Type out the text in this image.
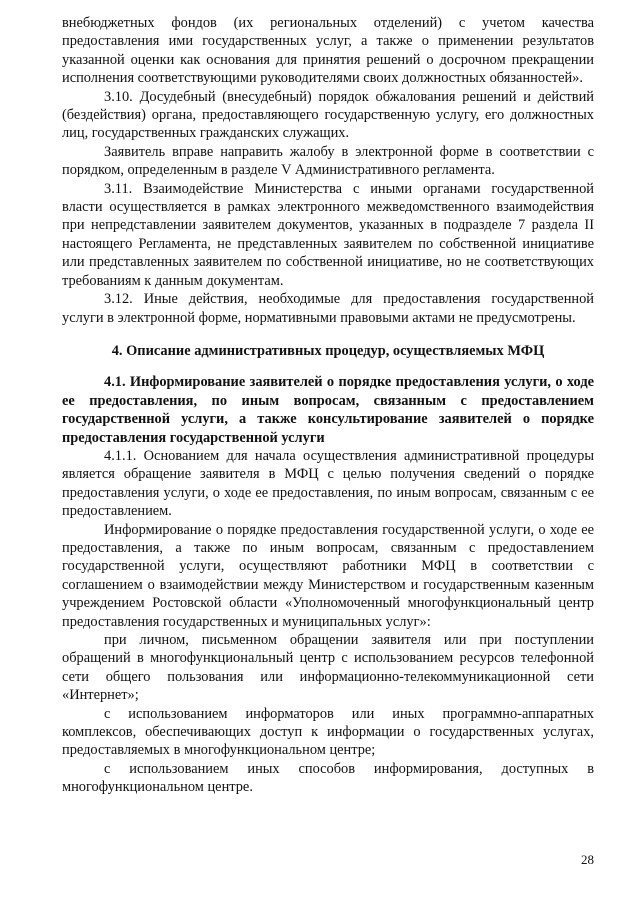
внебюджетных фондов (их региональных отделений) с учетом качества предоставления ими государственных услуг, а также о применении результатов указанной оценки как основания для принятия решений о досрочном прекращении исполнения соответствующими руководителями своих должностных обязанностей».

3.10. Досудебный (внесудебный) порядок обжалования решений и действий (бездействия) органа, предоставляющего государственную услугу, его должностных лиц, государственных гражданских служащих.

Заявитель вправе направить жалобу в электронной форме в соответствии с порядком, определенным в разделе V Административного регламента.

3.11. Взаимодействие Министерства с иными органами государственной власти осуществляется в рамках электронного межведомственного взаимодействия при непредставлении заявителем документов, указанных в подразделе 7 раздела II настоящего Регламента, не представленных заявителем по собственной инициативе или представленных заявителем по собственной инициативе, но не соответствующих требованиям к данным документам.

3.12. Иные действия, необходимые для предоставления государственной услуги в электронной форме, нормативными правовыми актами не предусмотрены.

4. Описание административных процедур, осуществляемых МФЦ
4.1. Информирование заявителей о порядке предоставления услуги, о ходе ее предоставления, по иным вопросам, связанным с предоставлением государственной услуги, а также консультирование заявителей о порядке предоставления государственной услуги

4.1.1. Основанием для начала осуществления административной процедуры является обращение заявителя в МФЦ с целью получения сведений о порядке предоставления услуги, о ходе ее предоставления, по иным вопросам, связанным с ее предоставлением.

Информирование о порядке предоставления государственной услуги, о ходе ее предоставления, а также по иным вопросам, связанным с предоставлением государственной услуги, осуществляют работники МФЦ в соответствии с соглашением о взаимодействии между Министерством и государственным казенным учреждением Ростовской области «Уполномоченный многофункциональный центр предоставления государственных и муниципальных услуг»:

при личном, письменном обращении заявителя или при поступлении обращений в многофункциональный центр с использованием ресурсов телефонной сети общего пользования или информационно-телекоммуникационной сети «Интернет»;

с использованием информаторов или иных программно-аппаратных комплексов, обеспечивающих доступ к информации о государственных услугах, предоставляемых в многофункциональном центре;

с использованием иных способов информирования, доступных в многофункциональном центре.

28
